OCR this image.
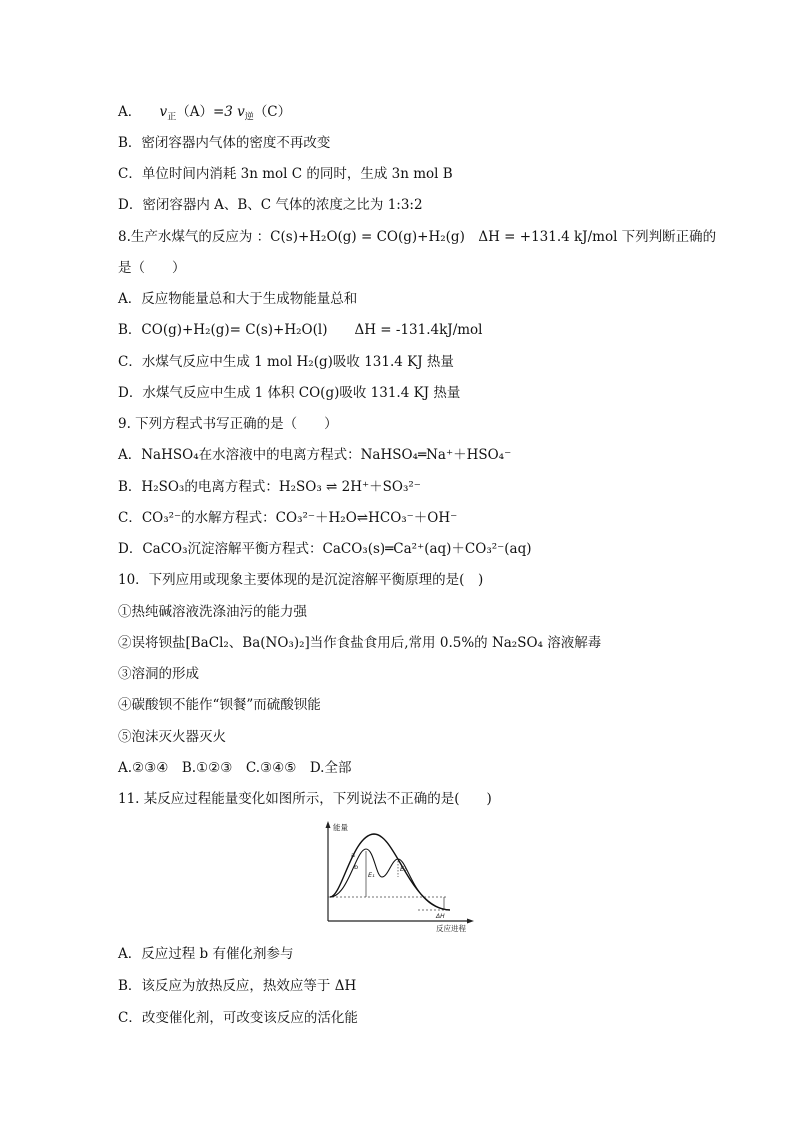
A． $v_正(A)=3$ $v_逆(C)$
B．密闭容器内气体的密度不再改变
C．单位时间内消耗 3n mol C 的同时，生成 3n mol B
D．密闭容器内 A、B、C 气体的浓度之比为 1:3:2
8.生产水煤气的反应为 ：C(s)+H₂O(g) = CO(g)+H₂(g)　ΔH = +131.4 kJ/mol 下列判断正确的
是（　　）
A．反应物能量总和大于生成物能量总和
B．CO(g)+H₂(g)= C(s)+H₂O(l)　　ΔH = -131.4kJ/mol
C．水煤气反应中生成 1 mol H₂(g)吸收 131.4 KJ 热量
D．水煤气反应中生成 1 体积 CO(g)吸收 131.4 KJ 热量
9. 下列方程式书写正确的是（　　）
A．NaHSO₄在水溶液中的电离方程式：NaHSO₄═Na⁺＋HSO₄⁻
B．H₂SO₃的电离方程式：H₂SO₃ ⇌ 2H⁺＋SO₃²⁻
C．CO₃²⁻的水解方程式：CO₃²⁻＋H₂O⇌HCO₃⁻＋OH⁻
D．CaCO₃沉淀溶解平衡方程式：CaCO₃(s)═Ca²⁺(aq)＋CO₃²⁻(aq)
10．下列应用或现象主要体现的是沉淀溶解平衡原理的是(　)
①热纯碱溶液洗涤油污的能力强
②误将钡盐[BaCl₂、Ba(NO₃)₂]当作食盐食用后,常用 0.5%的 Na₂SO₄ 溶液解毒
③溶洞的形成
④碳酸钡不能作“钡餐”而硫酸钡能
⑤泡沫灭火器灭火
A.②③④　B.①②③　C.③④⑤　D.全部
11. 某反应过程能量变化如图所示，下列说法不正确的是(　　)
能量
反应进程
a
b
E₁
E₂
ΔH
A．反应过程 b 有催化剂参与
B．该反应为放热反应，热效应等于 ΔH
C．改变催化剂，可改变该反应的活化能
